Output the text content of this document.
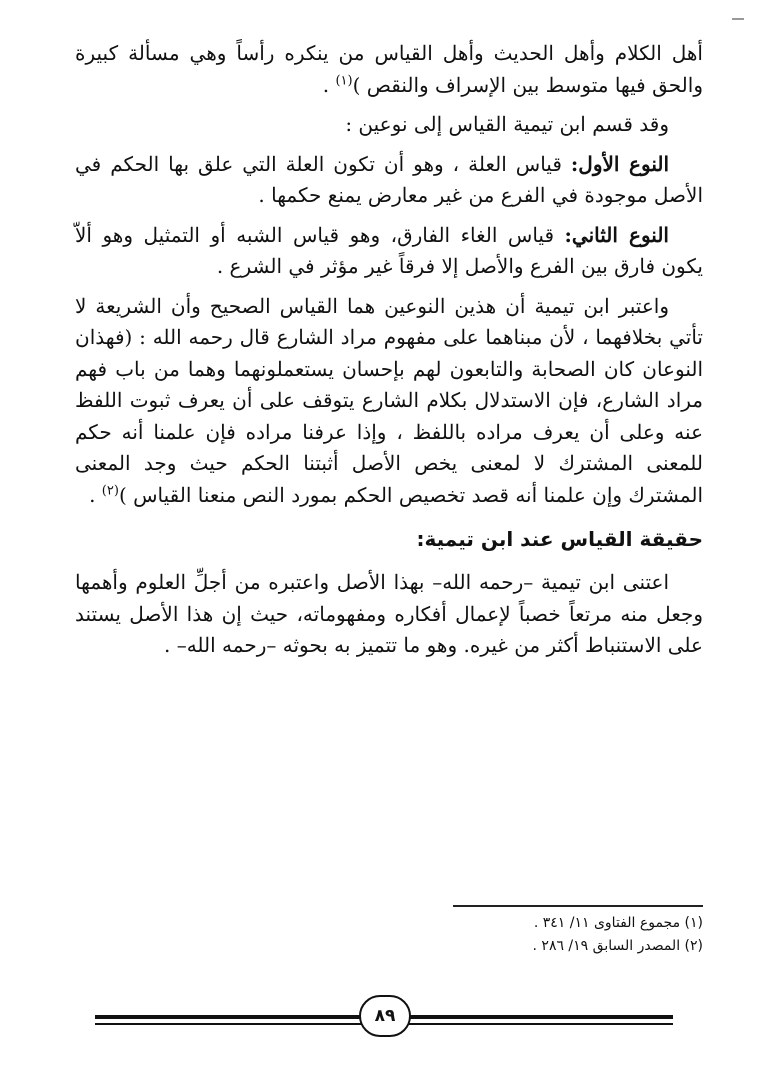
أهل الكلام وأهل الحديث وأهل القياس من ينكره رأساً وهي مسألة كبيرة والحق فيها متوسط بين الإسراف والنقص )$^{(١)}$ .

وقد قسم ابن تيمية القياس إلى نوعين :

النوع الأول: قياس العلة ، وهو أن تكون العلة التي علق بها الحكم في الأصل موجودة في الفرع من غير معارض يمنع حكمها .

النوع الثاني: قياس الغاء الفارق، وهو قياس الشبه أو التمثيل وهو ألاّ يكون فارق بين الفرع والأصل إلا فرقاً غير مؤثر في الشرع .

واعتبر ابن تيمية أن هذين النوعين هما القياس الصحيح وأن الشريعة لا تأتي بخلافهما ، لأن مبناهما على مفهوم مراد الشارع قال رحمه الله : (فهذان النوعان كان الصحابة والتابعون لهم بإحسان يستعملونهما وهما من باب فهم مراد الشارع، فإن الاستدلال بكلام الشارع يتوقف على أن يعرف ثبوت اللفظ عنه وعلى أن يعرف مراده باللفظ ، وإذا عرفنا مراده فإن علمنا أنه حكم للمعنى المشترك لا لمعنى يخص الأصل أثبتنا الحكم حيث وجد المعنى المشترك وإن علمنا أنه قصد تخصيص الحكم بمورد النص منعنا القياس )$^{(٢)}$ .

حقيقة القياس عند ابن تيمية:

اعتنى ابن تيمية –رحمه الله– بهذا الأصل واعتبره من أجلِّ العلوم وأهمها وجعل منه مرتعاً خصباً لإعمال أفكاره ومفهوماته، حيث إن هذا الأصل يستند على الاستنباط أكثر من غيره. وهو ما تتميز به بحوثه –رحمه الله– .

(١) مجموع الفتاوى ١١/ ٣٤١ .
(٢) المصدر السابق ١٩/ ٢٨٦ .
٨٩
